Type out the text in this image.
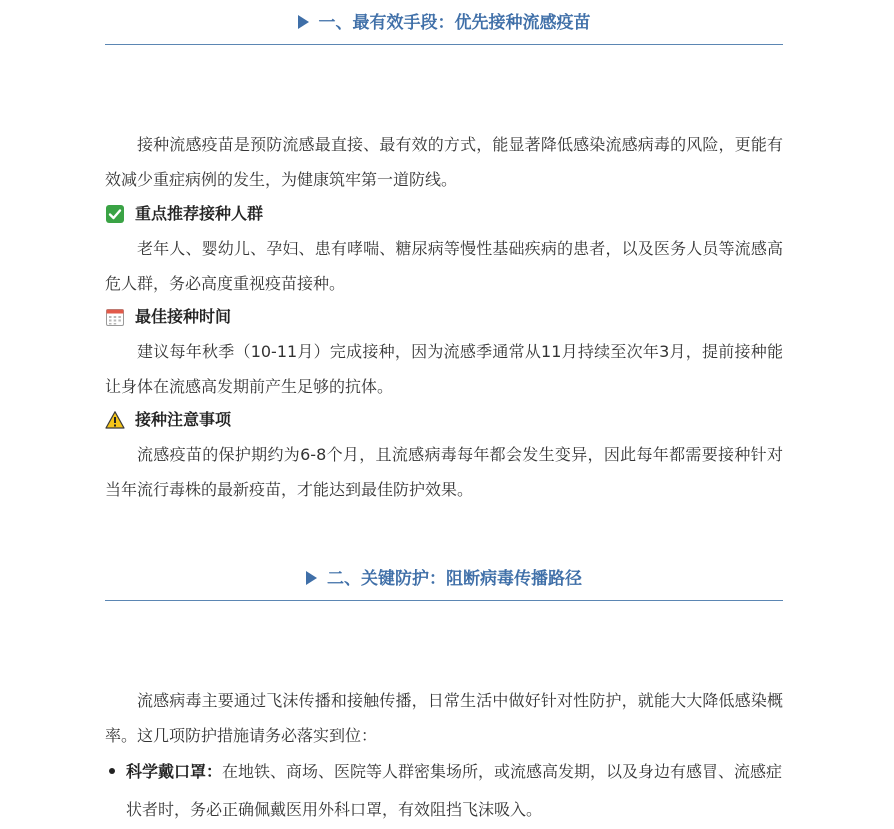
一、最有效手段：优先接种流感疫苗

接种流感疫苗是预防流感最直接、最有效的方式，能显著降低感染流感病毒的风险，更能有效减少重症病例的发生，为健康筑牢第一道防线。

重点推荐接种人群

老年人、婴幼儿、孕妇、患有哮喘、糖尿病等慢性基础疾病的患者，以及医务人员等流感高危人群，务必高度重视疫苗接种。

最佳接种时间

建议每年秋季（10-11月）完成接种，因为流感季通常从11月持续至次年3月，提前接种能让身体在流感高发期前产生足够的抗体。

接种注意事项

流感疫苗的保护期约为6-8个月，且流感病毒每年都会发生变异，因此每年都需要接种针对当年流行毒株的最新疫苗，才能达到最佳防护效果。

二、关键防护：阻断病毒传播路径

流感病毒主要通过飞沫传播和接触传播，日常生活中做好针对性防护，就能大大降低感染概率。这几项防护措施请务必落实到位：

科学戴口罩：在地铁、商场、医院等人群密集场所，或流感高发期，以及身边有感冒、流感症状者时，务必正确佩戴医用外科口罩，有效阻挡飞沫吸入。
